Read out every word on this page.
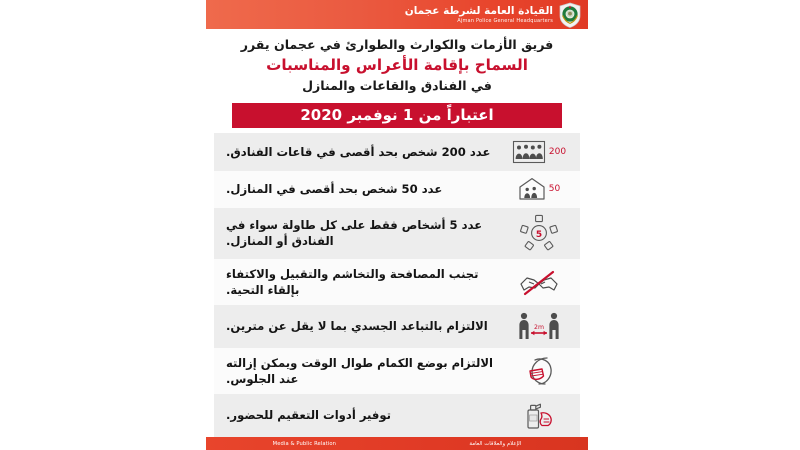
القيادة العامة لشرطة عجمان
Ajman Police General Headquarters
فريق الأزمات والكوارث والطوارئ في عجمان يقرر
السماح بإقامة الأعراس والمناسبات
في الفنادق والقاعات والمنازل
اعتباراً من 1 نوفمبر 2020
200
عدد 200 شخص بحد أقصى في قاعات الفنادق.
50
عدد 50 شخص بحد أقصى في المنازل.
5
عدد 5 أشخاص فقط على كل طاولة سواء في الفنادق أو المنازل.
تجنب المصافحة والتخاشم والتقبيل والاكتفاء بإلقاء التحية.
2m
الالتزام بالتباعد الجسدي بما لا يقل عن مترين.
الالتزام بوضع الكمام طوال الوقت ويمكن إزالته عند الجلوس.
توفير أدوات التعقيم للحضور.
Media & Public Relation	الإعلام والعلاقات العامة
